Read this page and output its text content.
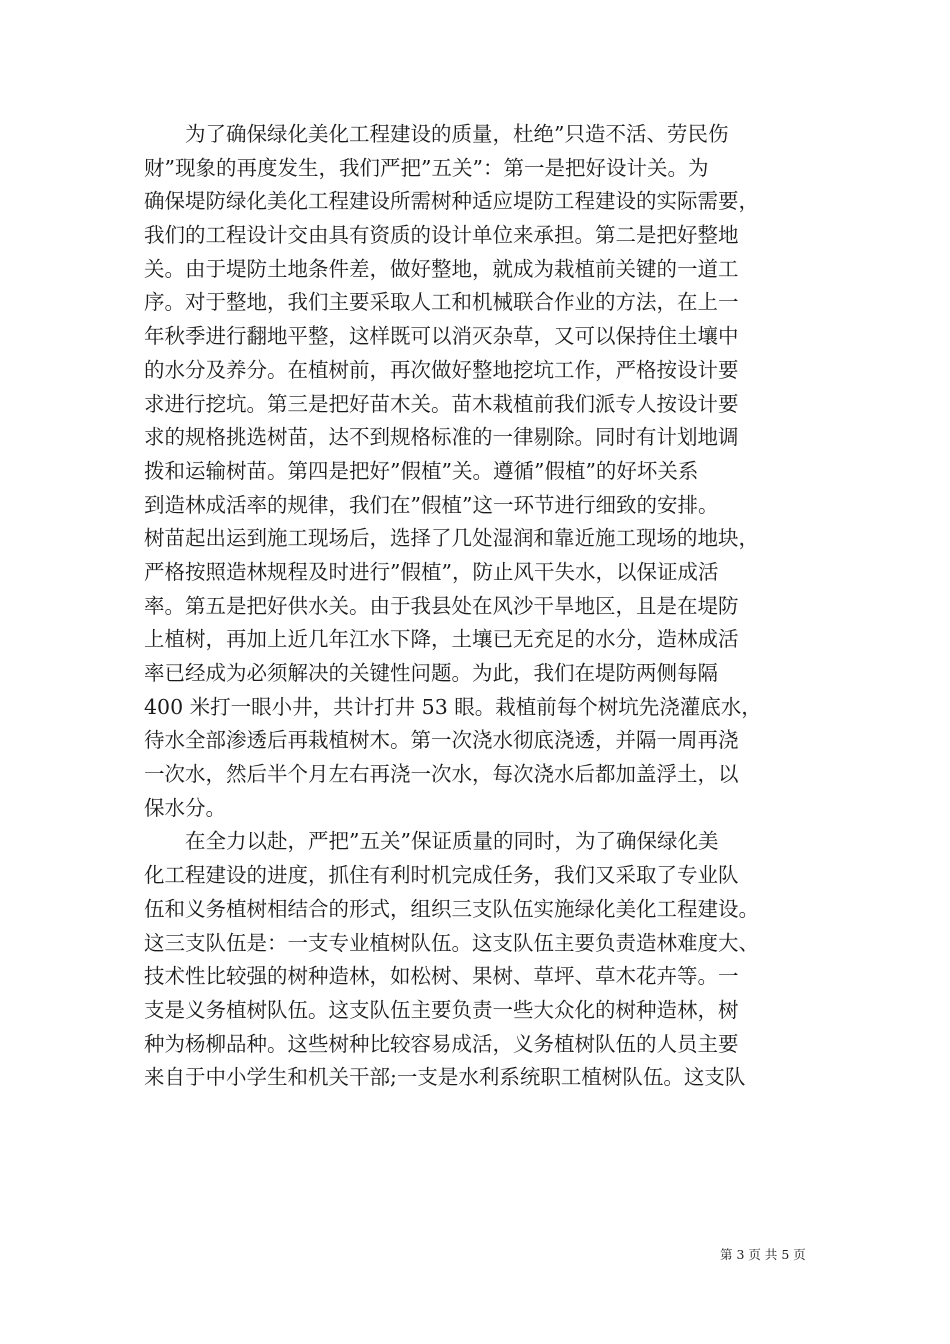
　　为了确保绿化美化工程建设的质量，杜绝”只造不活、劳民伤
财”现象的再度发生，我们严把”五关”：第一是把好设计关。为
确保堤防绿化美化工程建设所需树种适应堤防工程建设的实际需要，
我们的工程设计交由具有资质的设计单位来承担。第二是把好整地
关。由于堤防土地条件差，做好整地，就成为栽植前关键的一道工
序。对于整地，我们主要采取人工和机械联合作业的方法，在上一
年秋季进行翻地平整，这样既可以消灭杂草，又可以保持住土壤中
的水分及养分。在植树前，再次做好整地挖坑工作，严格按设计要
求进行挖坑。第三是把好苗木关。苗木栽植前我们派专人按设计要
求的规格挑选树苗，达不到规格标准的一律剔除。同时有计划地调
拨和运输树苗。第四是把好”假植”关。遵循”假植”的好坏关系
到造林成活率的规律，我们在”假植”这一环节进行细致的安排。
树苗起出运到施工现场后，选择了几处湿润和靠近施工现场的地块，
严格按照造林规程及时进行”假植”，防止风干失水，以保证成活
率。第五是把好供水关。由于我县处在风沙干旱地区，且是在堤防
上植树，再加上近几年江水下降，土壤已无充足的水分，造林成活
率已经成为必须解决的关键性问题。为此，我们在堤防两侧每隔
400 米打一眼小井，共计打井 53 眼。栽植前每个树坑先浇灌底水，
待水全部渗透后再栽植树木。第一次浇水彻底浇透，并隔一周再浇
一次水，然后半个月左右再浇一次水，每次浇水后都加盖浮土，以
保水分。
　　在全力以赴，严把”五关”保证质量的同时，为了确保绿化美
化工程建设的进度，抓住有利时机完成任务，我们又采取了专业队
伍和义务植树相结合的形式，组织三支队伍实施绿化美化工程建设。
这三支队伍是：一支专业植树队伍。这支队伍主要负责造林难度大、
技术性比较强的树种造林，如松树、果树、草坪、草木花卉等。一
支是义务植树队伍。这支队伍主要负责一些大众化的树种造林，树
种为杨柳品种。这些树种比较容易成活，义务植树队伍的人员主要
来自于中小学生和机关干部;一支是水利系统职工植树队伍。这支队
第 3 页 共 5 页
